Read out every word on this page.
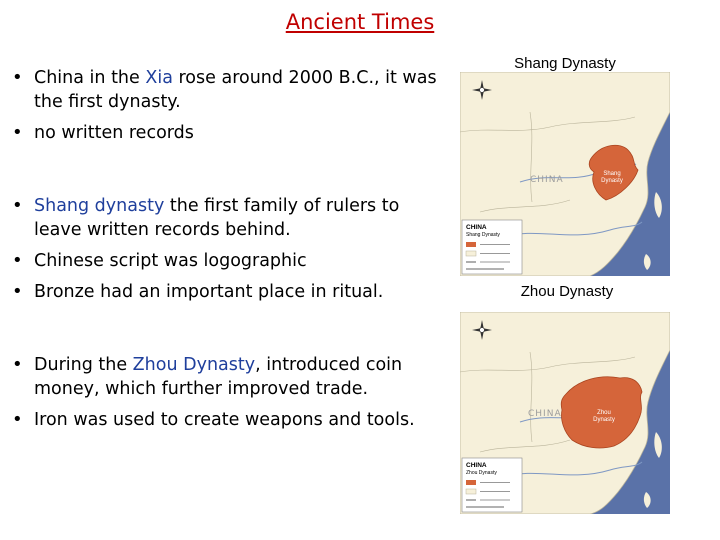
Ancient Times
• China in the Xia rose around 2000 B.C., it was the first dynasty.
• no written records
• Shang dynasty the first family of rulers to leave written records behind.
• Chinese script was logographic
• Bronze had an important place in ritual.
• During the Zhou Dynasty, introduced coin money, which further improved trade.
• Iron was used to create weapons and tools.
Shang Dynasty
CHINA
Shang
Dynasty
CHINA
Shang Dynasty
Zhou Dynasty
CHINA	Zhou
Dynasty
CHINA
Zhou Dynasty
